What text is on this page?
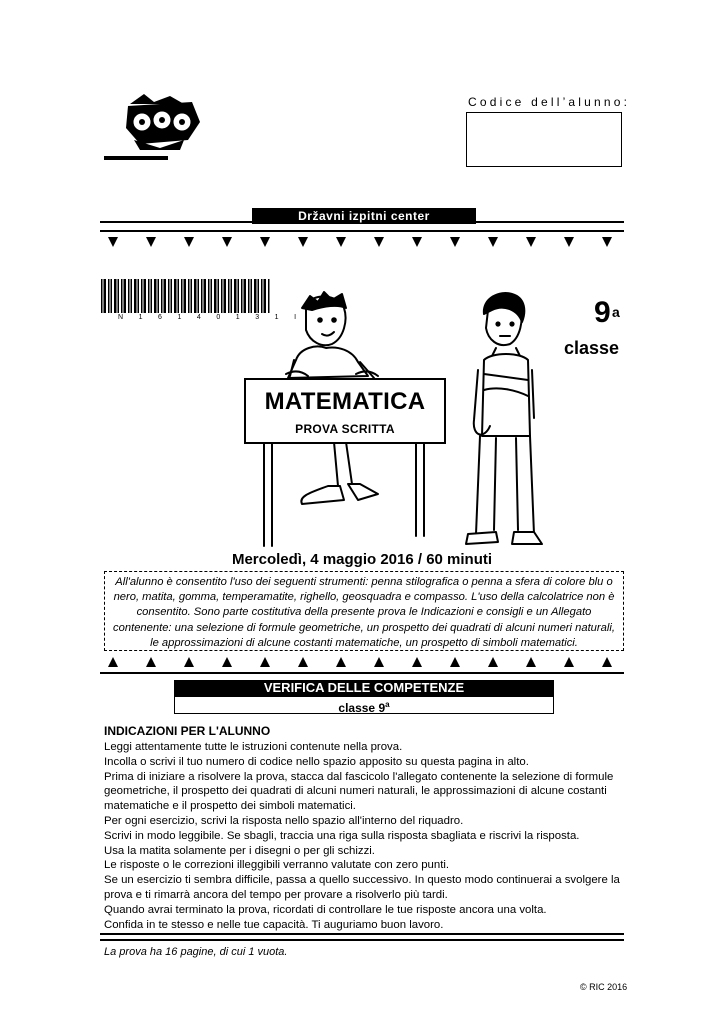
Codice dell’alunno:
Državni izpitni center
N 1 6 1 4 0 1 3 1 I	9 a
classe
MATEMATICA
PROVA SCRITTA
Mercoledì, 4 maggio 2016 / 60 minuti
All'alunno è consentito l'uso dei seguenti strumenti: penna stilografica o penna a sfera di colore blu o nero, matita, gomma, temperamatite, righello, geosquadra e compasso. L'uso della calcolatrice non è consentito. Sono parte costitutiva della presente prova le Indicazioni e consigli e un Allegato contenente: una selezione di formule geometriche, un prospetto dei quadrati di alcuni numeri naturali, le approssimazioni di alcune costanti matematiche, un prospetto di simboli matematici.
VERIFICA DELLE COMPETENZE
classe 9$^a$
INDICAZIONI PER L'ALUNNO
Leggi attentamente tutte le istruzioni contenute nella prova.
Incolla o scrivi il tuo numero di codice nello spazio apposito su questa pagina in alto.
Prima di iniziare a risolvere la prova, stacca dal fascicolo l'allegato contenente la selezione di formule geometriche, il prospetto dei quadrati di alcuni numeri naturali, le approssimazioni di alcune costanti matematiche e il prospetto dei simboli matematici.
Per ogni esercizio, scrivi la risposta nello spazio all'interno del riquadro.
Scrivi in modo leggibile. Se sbagli, traccia una riga sulla risposta sbagliata e riscrivi la risposta.
Usa la matita solamente per i disegni o per gli schizzi.
Le risposte o le correzioni illeggibili verranno valutate con zero punti.
Se un esercizio ti sembra difficile, passa a quello successivo. In questo modo continuerai a svolgere la prova e ti rimarrà ancora del tempo per provare a risolverlo più tardi.
Quando avrai terminato la prova, ricordati di controllare le tue risposte ancora una volta.
Confida in te stesso e nelle tue capacità. Ti auguriamo buon lavoro.
La prova ha 16 pagine, di cui 1 vuota.
© RIC 2016
